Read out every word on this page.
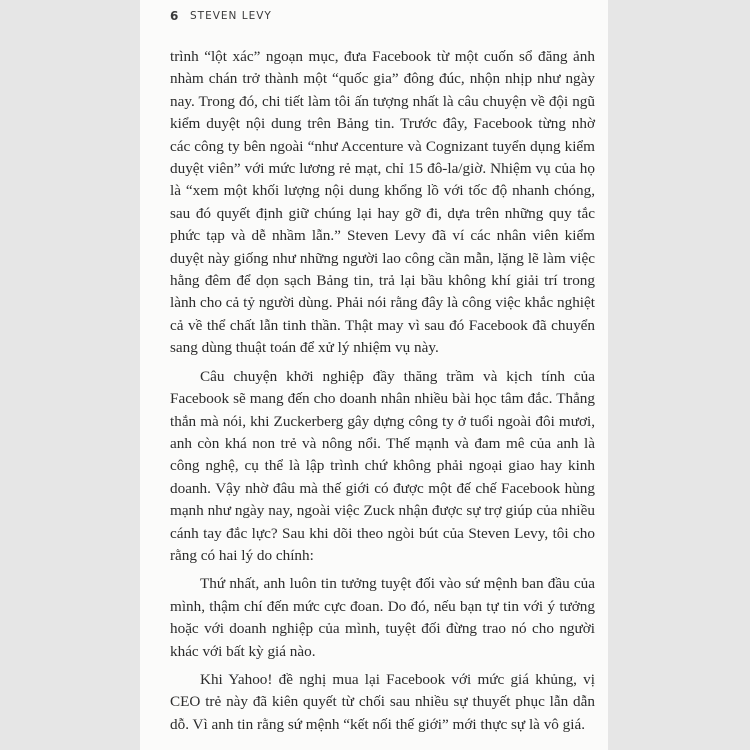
6 STEVEN LEVY

trình “lột xác” ngoạn mục, đưa Facebook từ một cuốn sổ đăng ảnh nhàm chán trở thành một “quốc gia” đông đúc, nhộn nhịp như ngày nay. Trong đó, chi tiết làm tôi ấn tượng nhất là câu chuyện về đội ngũ kiểm duyệt nội dung trên Bảng tin. Trước đây, Facebook từng nhờ các công ty bên ngoài “như Accenture và Cognizant tuyển dụng kiểm duyệt viên” với mức lương rẻ mạt, chỉ 15 đô-la/giờ. Nhiệm vụ của họ là “xem một khối lượng nội dung khổng lồ với tốc độ nhanh chóng, sau đó quyết định giữ chúng lại hay gỡ đi, dựa trên những quy tắc phức tạp và dễ nhầm lẫn.” Steven Levy đã ví các nhân viên kiểm duyệt này giống như những người lao công cần mẫn, lặng lẽ làm việc hằng đêm để dọn sạch Bảng tin, trả lại bầu không khí giải trí trong lành cho cả tỷ người dùng. Phải nói rằng đây là công việc khắc nghiệt cả về thể chất lẫn tinh thần. Thật may vì sau đó Facebook đã chuyển sang dùng thuật toán để xử lý nhiệm vụ này.

Câu chuyện khởi nghiệp đầy thăng trầm và kịch tính của Facebook sẽ mang đến cho doanh nhân nhiều bài học tâm đắc. Thẳng thắn mà nói, khi Zuckerberg gây dựng công ty ở tuổi ngoài đôi mươi, anh còn khá non trẻ và nông nổi. Thế mạnh và đam mê của anh là công nghệ, cụ thể là lập trình chứ không phải ngoại giao hay kinh doanh. Vậy nhờ đâu mà thế giới có được một đế chế Facebook hùng mạnh như ngày nay, ngoài việc Zuck nhận được sự trợ giúp của nhiều cánh tay đắc lực? Sau khi dõi theo ngòi bút của Steven Levy, tôi cho rằng có hai lý do chính:

Thứ nhất, anh luôn tin tưởng tuyệt đối vào sứ mệnh ban đầu của mình, thậm chí đến mức cực đoan. Do đó, nếu bạn tự tin với ý tưởng hoặc với doanh nghiệp của mình, tuyệt đối đừng trao nó cho người khác với bất kỳ giá nào.

Khi Yahoo! đề nghị mua lại Facebook với mức giá khủng, vị CEO trẻ này đã kiên quyết từ chối sau nhiều sự thuyết phục lẫn dẫn dỗ. Vì anh tin rằng sứ mệnh “kết nối thế giới” mới thực sự là vô giá.
